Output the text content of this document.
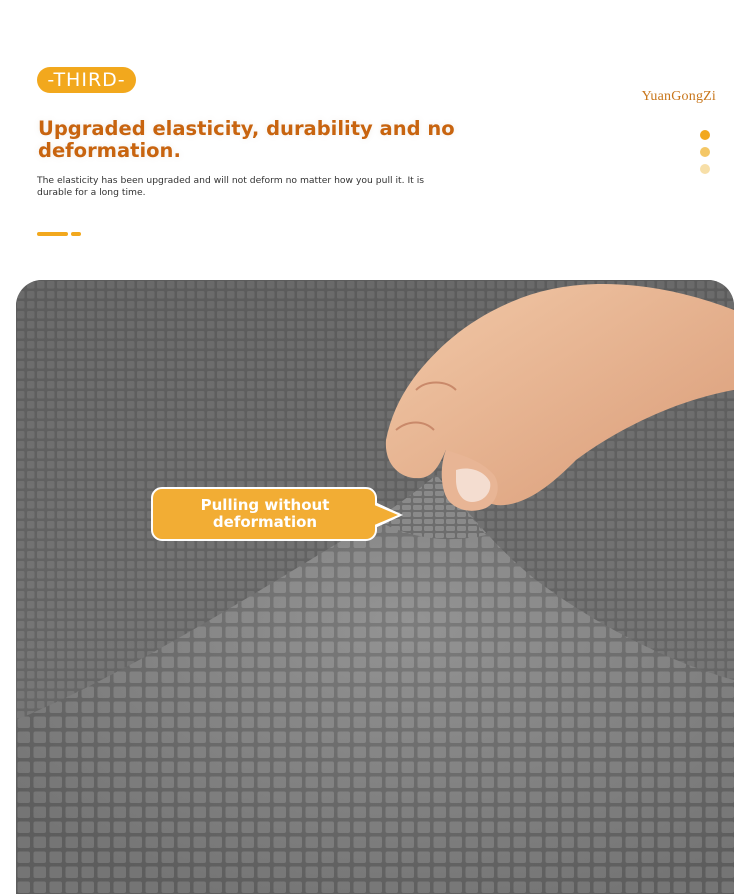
-THIRD-
YuanGongZi
Upgraded elasticity, durability and no deformation.

The elasticity has been upgraded and will not deform no matter how you pull it. It is durable for a long time.

Pulling without deformation
